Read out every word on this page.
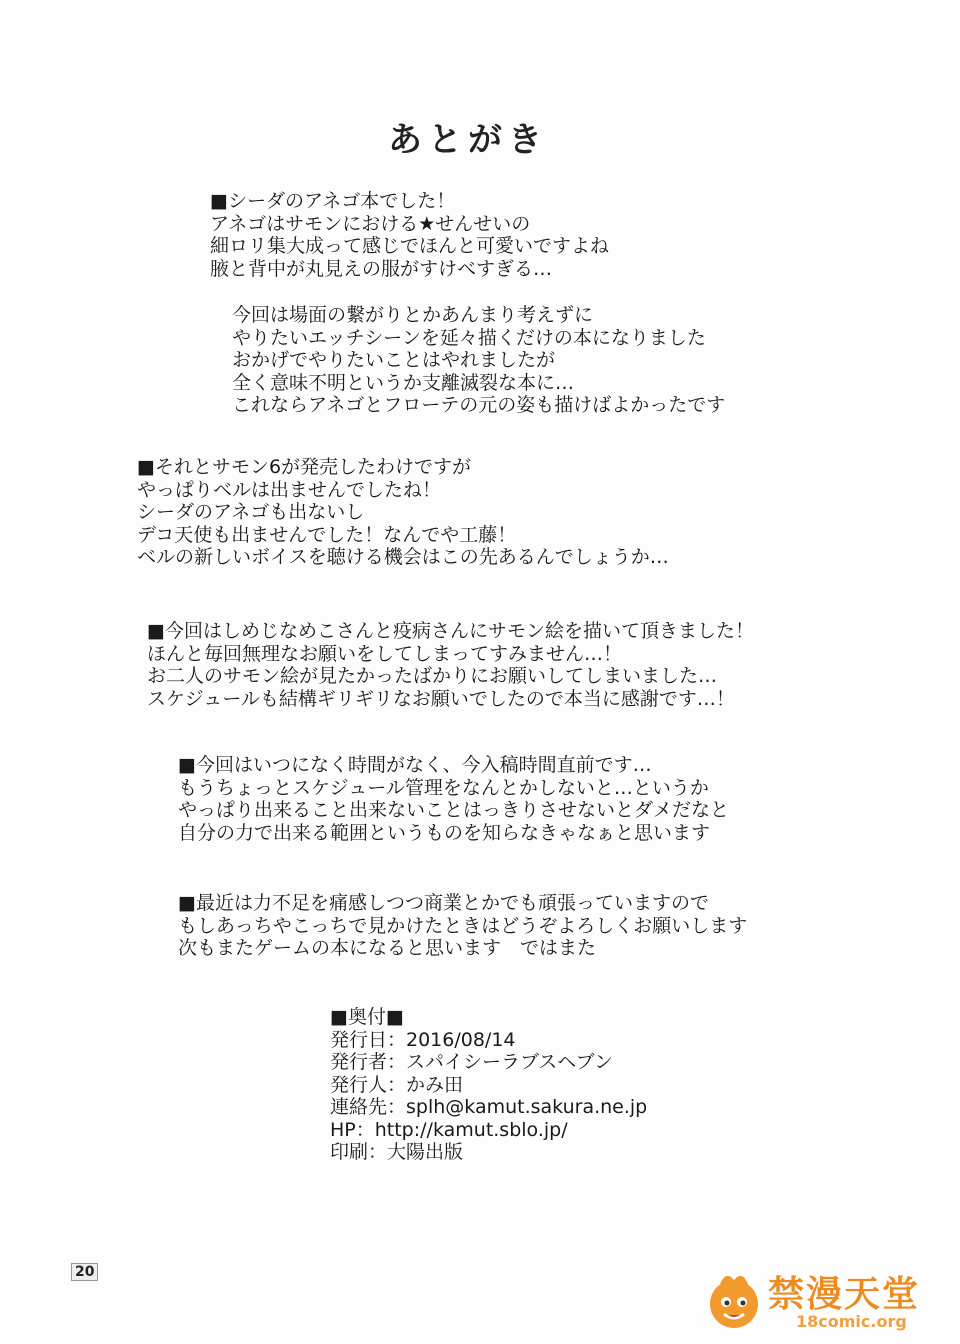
あとがき
■シーダのアネゴ本でした！
アネゴはサモンにおける★せんせいの
細ロリ集大成って感じでほんと可愛いですよね
腋と背中が丸見えの服がすけべすぎる…
今回は場面の繋がりとかあんまり考えずに
やりたいエッチシーンを延々描くだけの本になりました
おかげでやりたいことはやれましたが
全く意味不明というか支離滅裂な本に…
これならアネゴとフローテの元の姿も描けばよかったです
■それとサモン6が発売したわけですが
やっぱりベルは出ませんでしたね！
シーダのアネゴも出ないし
デコ天使も出ませんでした！なんでや工藤！
ベルの新しいボイスを聴ける機会はこの先あるんでしょうか…
■今回はしめじなめこさんと疫病さんにサモン絵を描いて頂きました！
ほんと毎回無理なお願いをしてしまってすみません…！
お二人のサモン絵が見たかったばかりにお願いしてしまいました…
スケジュールも結構ギリギリなお願いでしたので本当に感謝です…！
■今回はいつになく時間がなく、今入稿時間直前です…
もうちょっとスケジュール管理をなんとかしないと…というか
やっぱり出来ること出来ないことはっきりさせないとダメだなと
自分の力で出来る範囲というものを知らなきゃなぁと思います
■最近は力不足を痛感しつつ商業とかでも頑張っていますので
もしあっちやこっちで見かけたときはどうぞよろしくお願いします
次もまたゲームの本になると思います　ではまた
■奥付■
発行日：2016/08/14
発行者：スパイシーラブスヘブン
発行人：かみ田
連絡先：splh@kamut.sakura.ne.jp
HP：http://kamut.sblo.jp/
印刷：大陽出版
20
禁漫天堂
18comic.org
